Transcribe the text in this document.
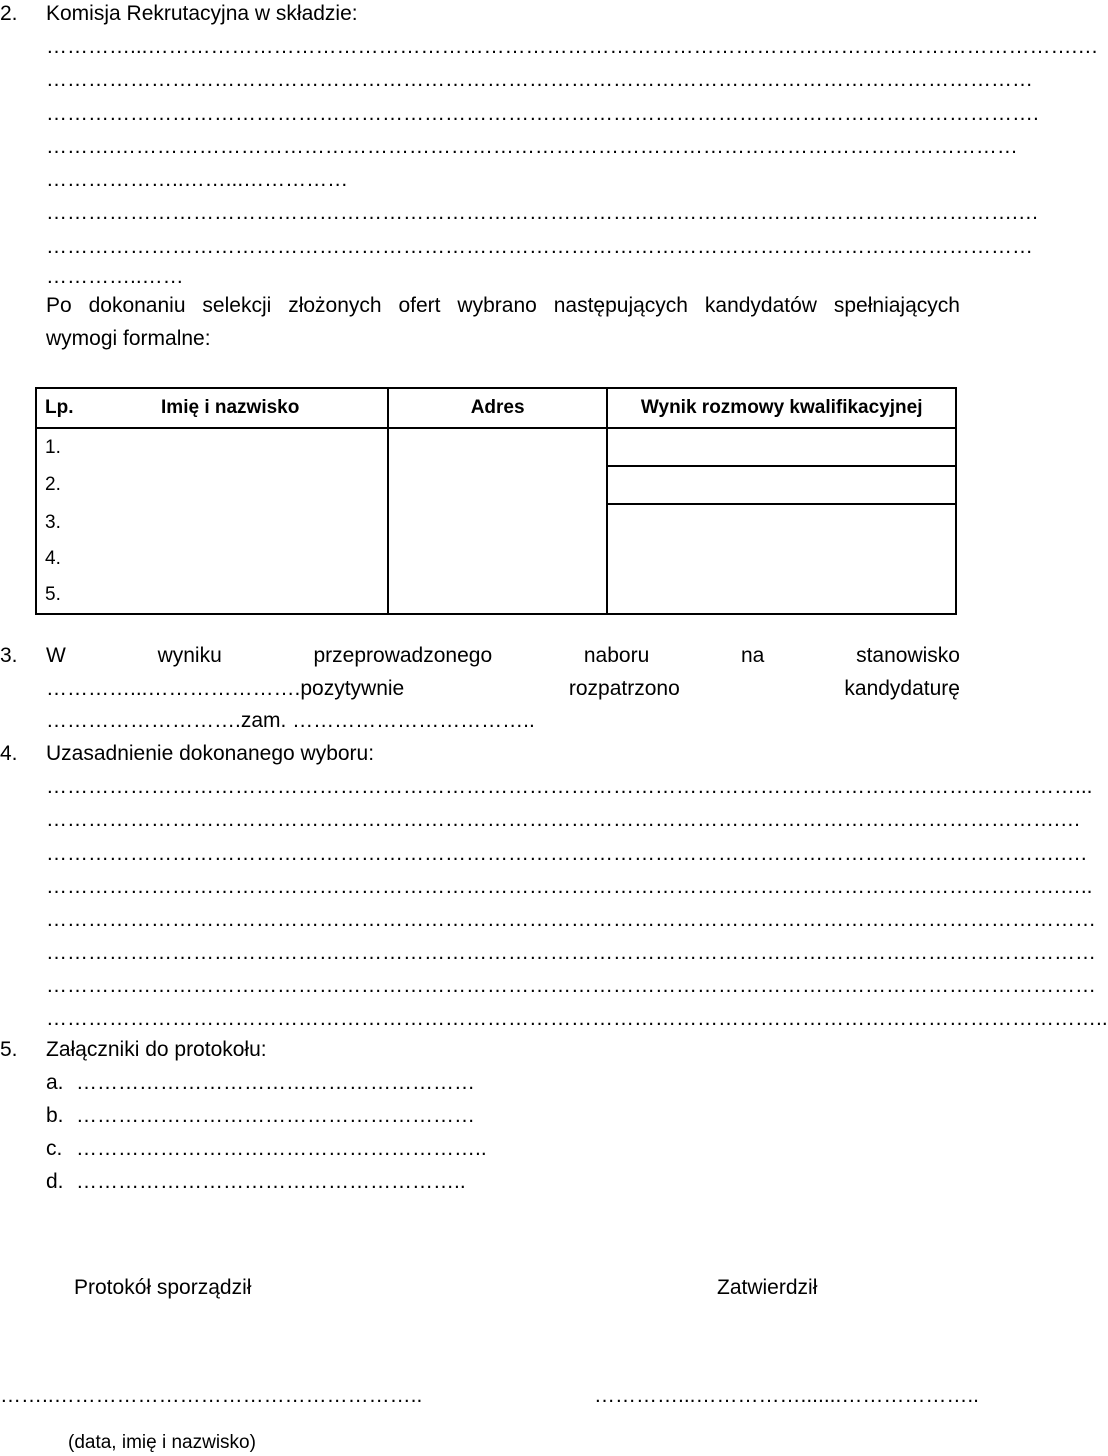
2. Komisja Rekrutacyjna w składzie:
…………...…………………………………………………………………………………………………………………….…
……………………………………………………………………………………………………………………………
…………………………………………………………………………………………………………………………….
……….…………………………………………………………………………………………………………………
………………..……...……………
………………………………………………………………………………………………………………………….…
……………………………………………………………………………………………………………………………
…………..……
Po dokonaniu selekcji złożonych ofert wybrano następujących kandydatów spełniających
wymogi formalne:
Lp.	Imię i nazwisko	Adres	Wynik rozmowy kwalifikacyjnej
1.			
2.			
3.			
4.			
5.			
3. W	wyniku	przeprowadzonego	naboru	na	stanowisko
…………...………………….pozytywnie	rozpatrzono	kandydaturę
……………………….zam. ……………………………..
4. Uzasadnienie dokonanego wyboru:
…………………………………………………………………………………………………………………………………...
……………………………………………………………………………………………………………………………….…
……………………………………………………………………………………………………………………………….….
……………………………………………………………………………………………………………………………….…..
……………………………………………………………………………………………………………………………………
……………………………………………………………………………………………………………………………………
……………………………………………………………………………………………………………………………………
……………………………………………………………………………………………………………………………………..
5. Załączniki do protokołu:
a. …………………………………………………
b. …………………………………………………
c. …………………………………………………..
d. ………………………………………………..
Protokół sporządził	Zatwierdził
……..……………………………………………..	…………...…………….......………………..
(data, imię i nazwisko)
